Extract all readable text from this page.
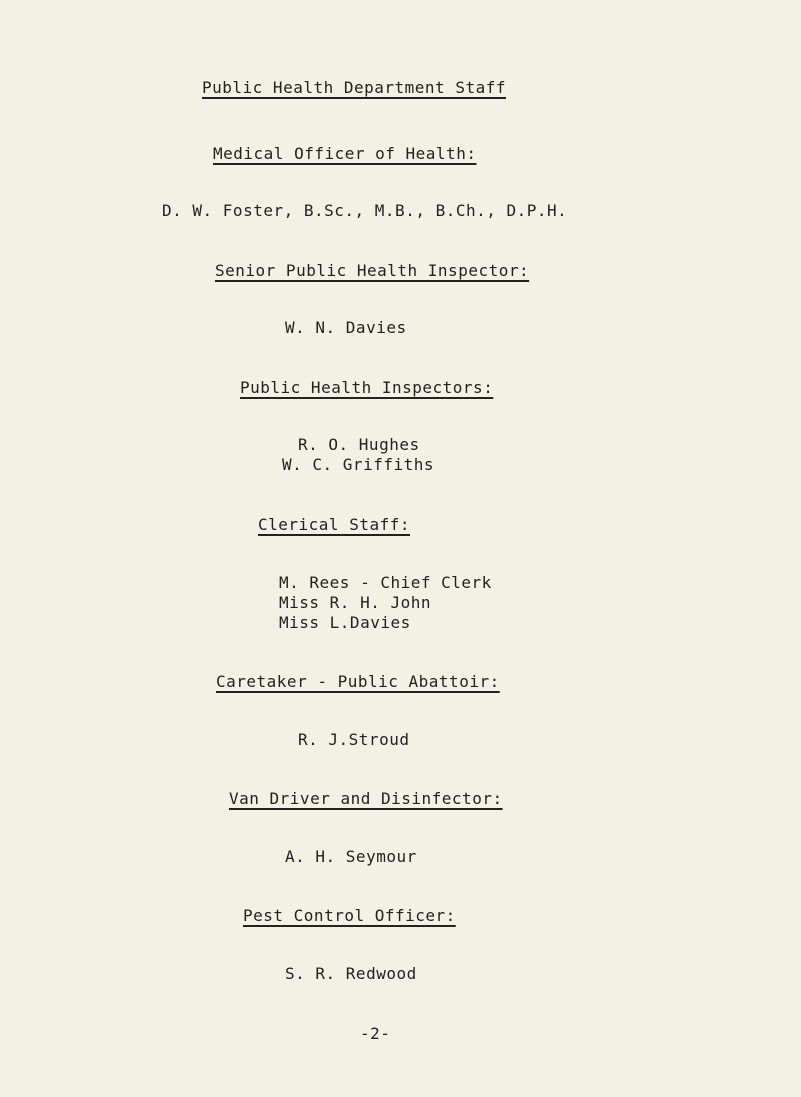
Public Health Department Staff
Medical Officer of Health:
D. W. Foster, B.Sc., M.B., B.Ch., D.P.H.
Senior Public Health Inspector:
W. N. Davies
Public Health Inspectors:
R. O. Hughes
W. C. Griffiths
Clerical Staff:
M. Rees - Chief Clerk
Miss R. H. John
Miss L.Davies
Caretaker - Public Abattoir:
R. J.Stroud
Van Driver and Disinfector:
A. H. Seymour
Pest Control Officer:
S. R. Redwood
-2-
